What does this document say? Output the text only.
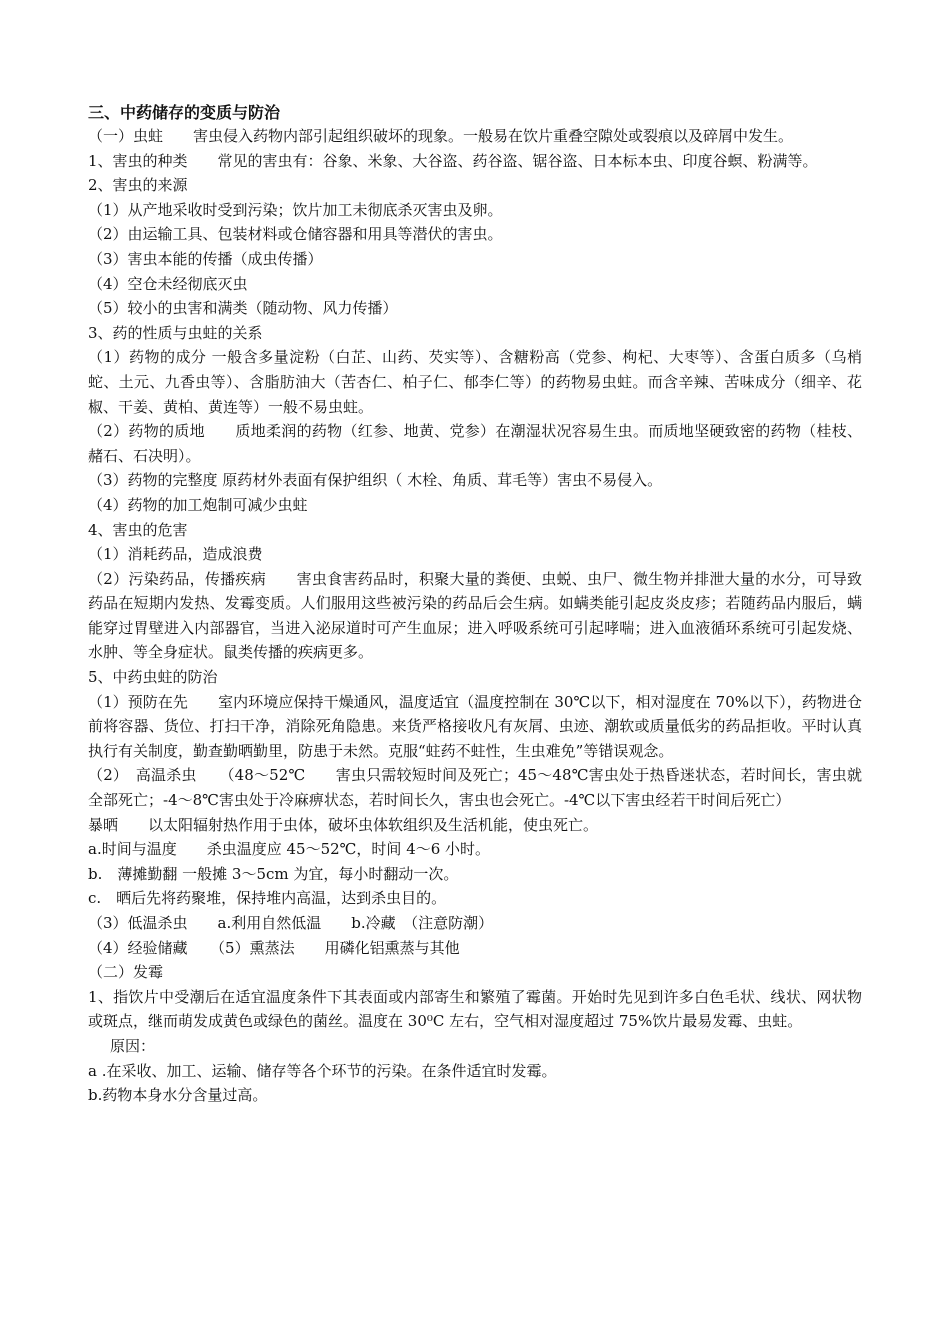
三、中药储存的变质与防治
（一）虫蛀　　害虫侵入药物内部引起组织破坏的现象。一般易在饮片重叠空隙处或裂痕以及碎屑中发生。
1、害虫的种类　　常见的害虫有：谷象、米象、大谷盗、药谷盗、锯谷盗、日本标本虫、印度谷螟、粉满等。
2、害虫的来源
（1）从产地采收时受到污染；饮片加工未彻底杀灭害虫及卵。
（2）由运输工具、包装材料或仓储容器和用具等潜伏的害虫。
（3）害虫本能的传播（成虫传播）
（4）空仓未经彻底灭虫
（5）较小的虫害和满类（随动物、风力传播）
3、药的性质与虫蛀的关系
（1）药物的成分 一般含多量淀粉（白芷、山药、芡实等）、含糖粉高（党参、枸杞、大枣等）、含蛋白质多（乌梢蛇、土元、九香虫等）、含脂肪油大（苦杏仁、柏子仁、郁李仁等）的药物易虫蛀。而含辛辣、苦味成分（细辛、花椒、干姜、黄柏、黄连等）一般不易虫蛀。
（2）药物的质地　　质地柔润的药物（红参、地黄、党参）在潮湿状况容易生虫。而质地坚硬致密的药物（桂枝、赭石、石决明）。
（3）药物的完整度 原药材外表面有保护组织（ 木栓、角质、茸毛等）害虫不易侵入。
（4）药物的加工炮制可减少虫蛀
4、害虫的危害
（1）消耗药品，造成浪费
（2）污染药品，传播疾病　　害虫食害药品时，积聚大量的粪便、虫蜕、虫尸、微生物并排泄大量的水分，可导致药品在短期内发热、发霉变质。人们服用这些被污染的药品后会生病。如螨类能引起皮炎皮疹；若随药品内服后，螨能穿过胃壁进入内部器官，当进入泌尿道时可产生血尿；进入呼吸系统可引起哮喘；进入血液循环系统可引起发烧、水肿、等全身症状。鼠类传播的疾病更多。
5、中药虫蛀的防治
（1）预防在先　　室内环境应保持干燥通风，温度适宜（温度控制在 30℃以下，相对湿度在 70%以下），药物进仓前将容器、货位、打扫干净，消除死角隐患。来货严格接收凡有灰屑、虫迹、潮软或质量低劣的药品拒收。平时认真执行有关制度，勤查勤晒勤里，防患于未然。克服“蛀药不蛀性，生虫难免”等错误观念。
（2）　高温杀虫　　（48～52℃　　害虫只需较短时间及死亡；45～48℃害虫处于热昏迷状态，若时间长，害虫就全部死亡；-4～8℃害虫处于冷麻痹状态，若时间长久，害虫也会死亡。-4℃以下害虫经若干时间后死亡）
暴晒　　以太阳辐射热作用于虫体，破坏虫体软组织及生活机能，使虫死亡。
a.时间与温度　　杀虫温度应 45～52℃，时间 4～6 小时。
b.　薄摊勤翻 一般摊 3～5cm 为宜，每小时翻动一次。
c.　晒后先将药聚堆，保持堆内高温，达到杀虫目的。
（3）低温杀虫　　a.利用自然低温　　b.冷藏　（注意防潮）
（4）经验储藏　　（5）熏蒸法　　用磷化铝熏蒸与其他
（二）发霉
1、指饮片中受潮后在适宜温度条件下其表面或内部寄生和繁殖了霉菌。开始时先见到许多白色毛状、线状、网状物或斑点，继而萌发成黄色或绿色的菌丝。温度在 30⁰C 左右，空气相对湿度超过 75%饮片最易发霉、虫蛀。
原因：
a .在采收、加工、运输、储存等各个环节的污染。在条件适宜时发霉。
b.药物本身水分含量过高。
